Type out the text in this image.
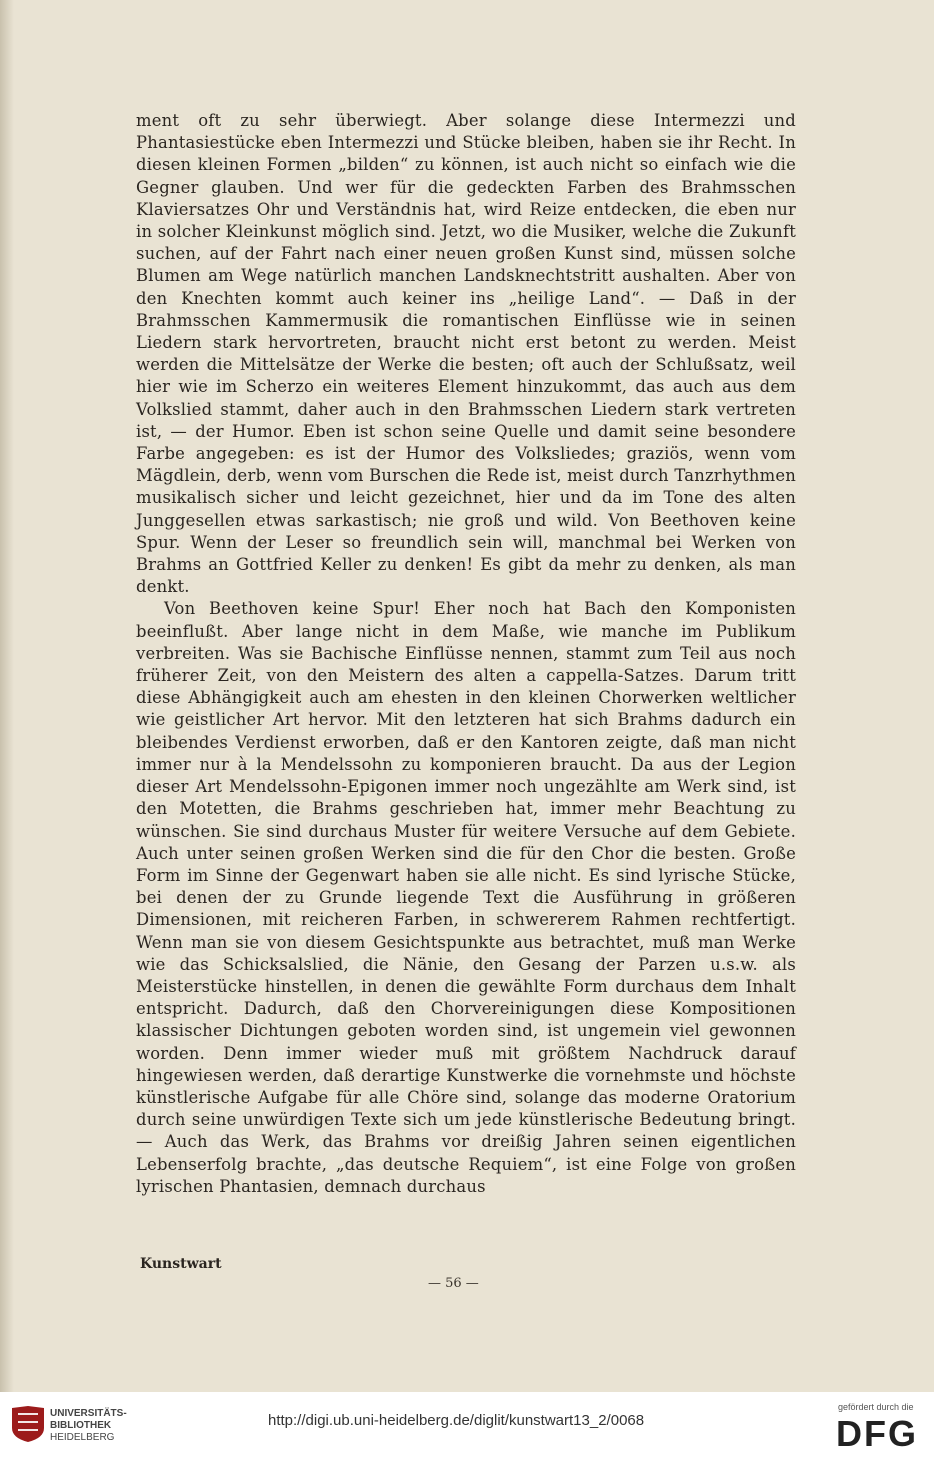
ment oft zu sehr überwiegt. Aber solange diese Intermezzi und Phantasiestücke eben Intermezzi und Stücke bleiben, haben sie ihr Recht. In diesen kleinen Formen „bilden“ zu können, ist auch nicht so einfach wie die Gegner glauben. Und wer für die gedeckten Farben des Brahmsschen Klaviersatzes Ohr und Verständnis hat, wird Reize entdecken, die eben nur in solcher Kleinkunst möglich sind. Jetzt, wo die Musiker, welche die Zukunft suchen, auf der Fahrt nach einer neuen großen Kunst sind, müssen solche Blumen am Wege natürlich manchen Landsknechtstritt aushalten. Aber von den Knechten kommt auch keiner ins „heilige Land“. — Daß in der Brahmsschen Kammermusik die romantischen Einflüsse wie in seinen Liedern stark hervortreten, braucht nicht erst betont zu werden. Meist werden die Mittelsätze der Werke die besten; oft auch der Schlußsatz, weil hier wie im Scherzo ein weiteres Element hinzukommt, das auch aus dem Volkslied stammt, daher auch in den Brahmsschen Liedern stark vertreten ist, — der Humor. Eben ist schon seine Quelle und damit seine besondere Farbe angegeben: es ist der Humor des Volksliedes; graziös, wenn vom Mägdlein, derb, wenn vom Burschen die Rede ist, meist durch Tanzrhythmen musikalisch sicher und leicht gezeichnet, hier und da im Tone des alten Junggesellen etwas sarkastisch; nie groß und wild. Von Beethoven keine Spur. Wenn der Leser so freundlich sein will, manchmal bei Werken von Brahms an Gottfried Keller zu denken! Es gibt da mehr zu denken, als man denkt.

Von Beethoven keine Spur! Eher noch hat Bach den Komponisten beeinflußt. Aber lange nicht in dem Maße, wie manche im Publikum verbreiten. Was sie Bachische Einflüsse nennen, stammt zum Teil aus noch früherer Zeit, von den Meistern des alten a cappella-Satzes. Darum tritt diese Abhängigkeit auch am ehesten in den kleinen Chorwerken weltlicher wie geistlicher Art hervor. Mit den letzteren hat sich Brahms dadurch ein bleibendes Verdienst erworben, daß er den Kantoren zeigte, daß man nicht immer nur à la Mendelssohn zu komponieren braucht. Da aus der Legion dieser Art Mendelssohn-Epigonen immer noch ungezählte am Werk sind, ist den Motetten, die Brahms geschrieben hat, immer mehr Beachtung zu wünschen. Sie sind durchaus Muster für weitere Versuche auf dem Gebiete. Auch unter seinen großen Werken sind die für den Chor die besten. Große Form im Sinne der Gegenwart haben sie alle nicht. Es sind lyrische Stücke, bei denen der zu Grunde liegende Text die Ausführung in größeren Dimensionen, mit reicheren Farben, in schwererem Rahmen rechtfertigt. Wenn man sie von diesem Gesichtspunkte aus betrachtet, muß man Werke wie das Schicksalslied, die Nänie, den Gesang der Parzen u.s.w. als Meisterstücke hinstellen, in denen die gewählte Form durchaus dem Inhalt entspricht. Dadurch, daß den Chorvereinigungen diese Kompositionen klassischer Dichtungen geboten worden sind, ist ungemein viel gewonnen worden. Denn immer wieder muß mit größtem Nachdruck darauf hingewiesen werden, daß derartige Kunstwerke die vornehmste und höchste künstlerische Aufgabe für alle Chöre sind, solange das moderne Oratorium durch seine unwürdigen Texte sich um jede künstlerische Bedeutung bringt. — Auch das Werk, das Brahms vor dreißig Jahren seinen eigentlichen Lebenserfolg brachte, „das deutsche Requiem“, ist eine Folge von großen lyrischen Phantasien, demnach durchaus

Kunstwart
— 56 —
UNIVERSITÄTS-
BIBLIOTHEK
HEIDELBERG
http://digi.ub.uni-heidelberg.de/diglit/kunstwart13_2/0068
gefördert durch die
DFG
